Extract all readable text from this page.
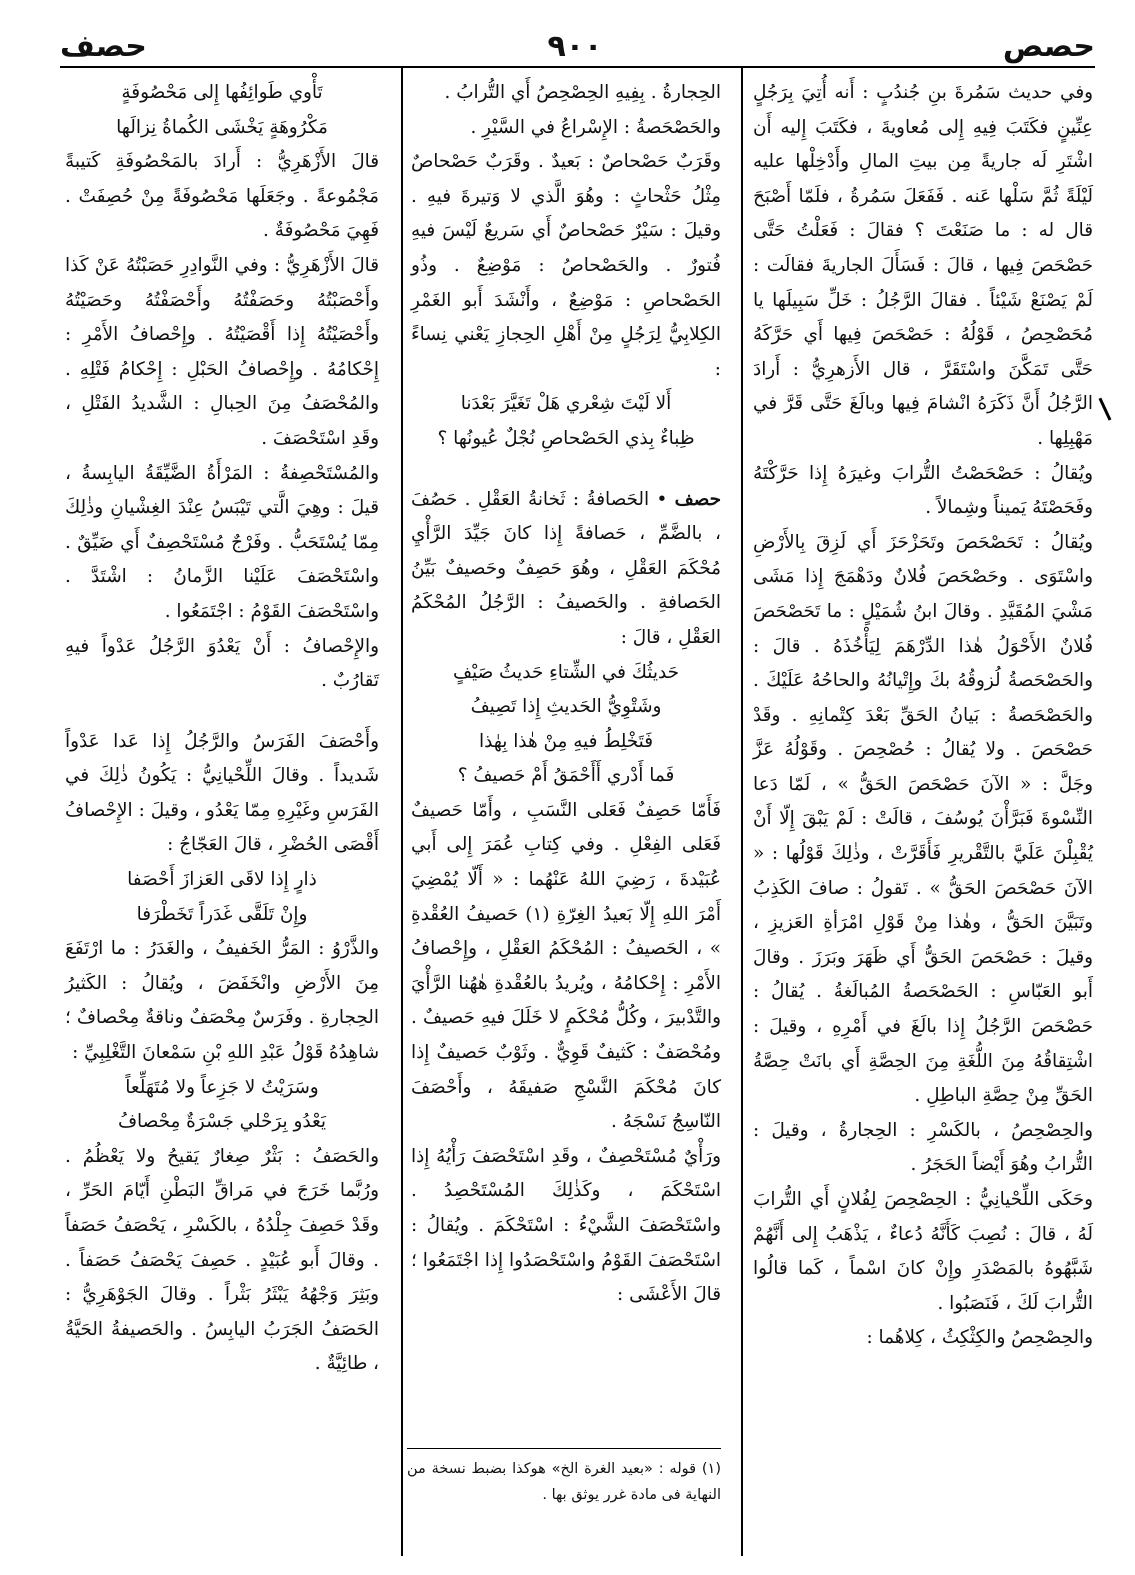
حصص
٩٠٠
حصف

وفي حديث سَمُرةَ بنِ جُندُبٍ : أَنه أُتِيَ بِرَجُلٍ عِنِّينٍ فكَتَبَ فِيهِ إِلى مُعاويةَ ، فكَتَبَ إِليه أَن اشْتَرِ لَه جاريةً مِن بيتِ المالِ وأَدْخِلْها عليه لَيْلَةً ثُمَّ سَلْها عَنه . فَفَعَلَ سَمُرةُ ، فلَمّا أَصْبَحَ قال له : ما صَنَعْتَ ؟ فقالَ : فَعَلْتُ حَتَّى حَصْحَصَ فِيها ، قالَ : فَسَأَلَ الجاريةَ فقالَت : لَمْ يَصْنَعْ شَيْئاً . فقالَ الرَّجُلُ : خَلِّ سَبِيلَها يا مُحَصْحِصُ ، قَوْلُهُ : حَصْحَصَ فِيها أَي حَرَّكَهُ حَتَّى تَمَكَّنَ واسْتَقَرَّ ، قال الأَزهرِيُّ : أَرادَ الرَّجُلُ أَنَّ ذَكَرَهُ انْشامَ فِيها وبالَغَ حَتَّى قَرَّ في مَهْبِلِها .

ويُقالُ : حَصْحَصْتُ التُّرابَ وغيرَهُ إِذا حَرَّكْتَهُ وفَحَصْتَهُ يَميناً وشِمالاً .

ويُقالُ : تَحَصْحَصَ وتَحَزْحَزَ أَي لَزِقَ بِالأَرْضِ واسْتَوَى . وحَصْحَصَ فُلانٌ ودَهْمَجَ إِذا مَشَى مَشْيَ المُقَيَّدِ . وقالَ ابنُ شُمَيْلٍ : ما تَحَصْحَصَ فُلانٌ الأَحْوَلُ هٰذا الدِّرْهَمَ لِيَأْخُذَهُ . قالَ : والحَصْحَصةُ لُزوقُهُ بكَ وإِتْيانُهُ والحاحُهُ عَلَيْكَ . والحَصْحَصةُ : بَيانُ الحَقِّ بَعْدَ كِتْمانِهِ . وقَدْ حَصْحَصَ . ولا يُقالُ : حُصْحِصَ . وقَوْلُهُ عَزَّ وجَلَّ : « الآنَ حَصْحَصَ الحَقُّ » ، لَمّا دَعا النِّسْوةَ فَبَرَّأْنَ يُوسُفَ ، قالَتْ : لَمْ يَبْقَ إِلّا أَنْ يُقْبِلْنَ عَلَيَّ بالتَّقْريرِ فَأَقَرَّتْ ، وذٰلِكَ قَوْلُها : « الآنَ حَصْحَصَ الحَقُّ » . تَقولُ : صافَ الكَذِبُ وتَبَيَّنَ الحَقُّ ، وهٰذا مِنْ قَوْلِ امْرَأةِ العَزيزِ ، وقيلَ : حَصْحَصَ الحَقُّ أَي ظَهَرَ وبَرَزَ . وقالَ أَبو العَبّاسِ : الحَصْحَصةُ المُبالَغةُ . يُقالُ : حَصْحَصَ الرَّجُلُ إِذا بالَغَ في أَمْرِهِ ، وقيلَ : اشْتِقاقُهُ مِنَ اللُّغَةِ مِنَ الحِصَّةِ أَي بانَتْ حِصَّةُ الحَقِّ مِنْ حِصَّةِ الباطِلِ .

والحِصْحِصُ ، بالكَسْرِ : الحِجارةُ ، وقيلَ : التُّرابُ وهُوَ أَيْضاً الحَجَرُ .

وحَكَى اللِّحْيانِيُّ : الحِصْحِصَ لِفُلانٍ أَي التُّرابَ لَهُ ، قالَ : نُصِبَ كَأَنَّهُ دُعاءٌ ، يَذْهَبُ إِلى أَنَّهُمْ شَبَّهُوهُ بالمَصْدَرِ وإِنْ كانَ اسْماً ، كَما قالُوا التُّرابَ لَكَ ، فَنَصَبُوا .

والحِصْحِصُ والكِثْكِثُ ، كِلاهُما :

الحِجارةُ . بِفِيهِ الحِصْحِصُ أَي التُّرابُ .

والحَصْحَصةُ : الإِسْراعُ في السَّيْرِ .

وقَرَبٌ حَصْحاصٌ : بَعيدٌ . وقَرَبٌ حَصْحاصٌ مِثْلُ حَثْحاثٍ : وهُوَ الَّذي لا وَتيرةَ فيهِ . وقيلَ : سَيْرٌ حَصْحاصٌ أَي سَريعٌ لَيْسَ فيهِ فُتورٌ . والحَصْحاصُ : مَوْضِعٌ . وذُو الحَصْحاصِ : مَوْضِعٌ ، وأَنْشَدَ أَبو الغَمْرِ الكِلابِيُّ لِرَجُلٍ مِنْ أَهْلِ الحِجازِ يَعْني نِساءً :

أَلا لَيْتَ شِعْري هَلْ تَغَيَّرَ بَعْدَنا
ظِباءٌ بِذي الحَصْحاصِ نُجْلٌ عُيونُها ؟

حصف • الحَصافةُ : ثَخانةُ العَقْلِ . حَصُفَ ، بالضَّمِّ ، حَصافةً إِذا كانَ جَيِّدَ الرَّأْيِ مُحْكَمَ العَقْلِ ، وهُوَ حَصِفٌ وحَصيفٌ بَيِّنُ الحَصافةِ . والحَصيفُ : الرَّجُلُ المُحْكَمُ العَقْلِ ، قالَ :

حَديثُكَ في الشِّتاءِ حَديثُ صَيْفٍ
وشَتْوِيُّ الحَديثِ إِذا تَصِيفُ
فَتَخْلِطُ فيهِ مِنْ هٰذا بِهٰذا
فَما أَدْري أَأَحْمَقُ أَمْ حَصيفُ ؟

فَأَمّا حَصِفٌ فَعَلى النَّسَبِ ، وأَمّا حَصيفٌ فَعَلى الفِعْلِ . وفي كِتابِ عُمَرَ إِلى أَبي عُبَيْدةَ ، رَضِيَ اللهُ عَنْهُما : « أَلّا يُمْضِيَ أَمْرَ اللهِ إِلّا بَعيدُ الغِرّةِ (١) حَصيفُ العُقْدةِ » ، الحَصيفُ : المُحْكَمُ العَقْلِ ، وإِحْصافُ الأَمْرِ : إِحْكامُهُ ، ويُريدُ بالعُقْدةِ هٰهُنا الرَّأْيَ والتَّدْبيرَ ، وكُلُّ مُحْكَمٍ لا خَلَلَ فيهِ حَصيفٌ . ومُحْصَفٌ : كَثيفٌ قَوِيٌّ . وثَوْبٌ حَصيفٌ إِذا كانَ مُحْكَمَ النَّسْجِ صَفيقَهُ ، وأَحْصَفَ النّاسِجُ نَسْجَهُ .

ورَأْيٌ مُسْتَحْصِفٌ ، وقَدِ اسْتَحْصَفَ رَأْيُهُ إِذا اسْتَحْكَمَ ، وكَذٰلِكَ المُسْتَحْصِدُ . واسْتَحْصَفَ الشَّيْءُ : اسْتَحْكَمَ . ويُقالُ : اسْتَحْصَفَ القَوْمُ واسْتَحْصَدُوا إِذا اجْتَمَعُوا ؛ قالَ الأَعْشَى :

(١) قوله : «بعيد الغرة الخ» هوكذا بضبط نسخة من النهاية فى مادة غرر يوثق بها .
تَأْوي طَوائِفُها إِلى مَحْصُوفَةٍ
مَكْرُوهَةٍ يَخْشَى الكُماةُ نِزالَها

قالَ الأَزْهَرِيُّ : أَرادَ بالمَحْصُوفَةِ كَتيبةً مَجْمُوعةً . وجَعَلَها مَحْصُوفَةً مِنْ حُصِفَتْ . فَهِيَ مَحْصُوفَةٌ .

قالَ الأَزْهَرِيُّ : وفي النَّوادِرِ حَصَبْتُهُ عَنْ كَذا وأَحْصَبْتُهُ وحَصَفْتُهُ وأَحْصَفْتُهُ وحَصَيْتُهُ وأَحْصَيْتُهُ إِذا أَقْصَيْتُهُ . وإِحْصافُ الأَمْرِ : إِحْكامُهُ . وإِحْصافُ الحَبْلِ : إِحْكامُ فَتْلِهِ . والمُحْصَفُ مِنَ الحِبالِ : الشَّديدُ الفَتْلِ ، وقَدِ اسْتَحْصَفَ .

والمُسْتَحْصِفةُ : المَرْأَةُ الضَّيِّقَةُ اليابِسةُ ، قيلَ : وهِيَ الَّتي تَيْبَسُ عِنْدَ الغِشْيانِ وذٰلِكَ مِمّا يُسْتَحَبُّ . وفَرْجٌ مُسْتَحْصِفٌ أَي ضَيِّقٌ . واسْتَحْصَفَ عَلَيْنا الزَّمانُ : اشْتَدَّ . واسْتَحْصَفَ القَوْمُ : اجْتَمَعُوا .

والإِحْصافُ : أَنْ يَعْدُوَ الرَّجُلُ عَدْواً فيهِ تَقارُبٌ .

وأَحْصَفَ الفَرَسُ والرَّجُلُ إِذا عَدا عَدْواً شَديداً . وقالَ اللِّحْيانِيُّ : يَكُونُ ذٰلِكَ في الفَرَسِ وغَيْرِهِ مِمّا يَعْدُو ، وقيلَ : الإِحْصافُ أَقْصَى الحُضْرِ ، قالَ العَجّاجُ :

ذارٍ إِذا لاقَى العَزازَ أَحْصَفا
وإِنْ تَلَقَّى غَدَراً تَخَطْرَفا

والذَّرْوُ : المَرُّ الخَفيفُ ، والغَدَرُ : ما ارْتَفَعَ مِنَ الأَرْضِ وانْخَفَضَ ، ويُقالُ : الكَثيرُ الحِجارةِ . وفَرَسٌ مِحْصَفٌ وناقةٌ مِحْصافٌ ؛ شاهِدُهُ قَوْلُ عَبْدِ اللهِ بْنِ سَمْعانَ التَّغْلِبِيِّ :

وسَرَيْتُ لا جَزِعاً ولا مُتَهَلِّعاً
يَعْدُو بِرَحْلي جَسْرَةٌ مِحْصافُ

والحَصَفُ : بَثْرٌ صِغارٌ يَقيحُ ولا يَعْظُمُ . ورُبَّما خَرَجَ في مَراقِّ البَطْنِ أَيّامَ الحَرِّ ، وقَدْ حَصِفَ جِلْدُهُ ، بالكَسْرِ ، يَحْصَفُ حَصَفاً . وقالَ أَبو عُبَيْدٍ . حَصِفَ يَحْصَفُ حَصَفاً . وبَثِرَ وَجْهُهُ يَبْثَرُ بَثْراً . وقالَ الجَوْهَرِيُّ : الحَصَفُ الجَرَبُ اليابِسُ . والحَصيفةُ الحَيَّةُ ، طائِيَّةٌ .
